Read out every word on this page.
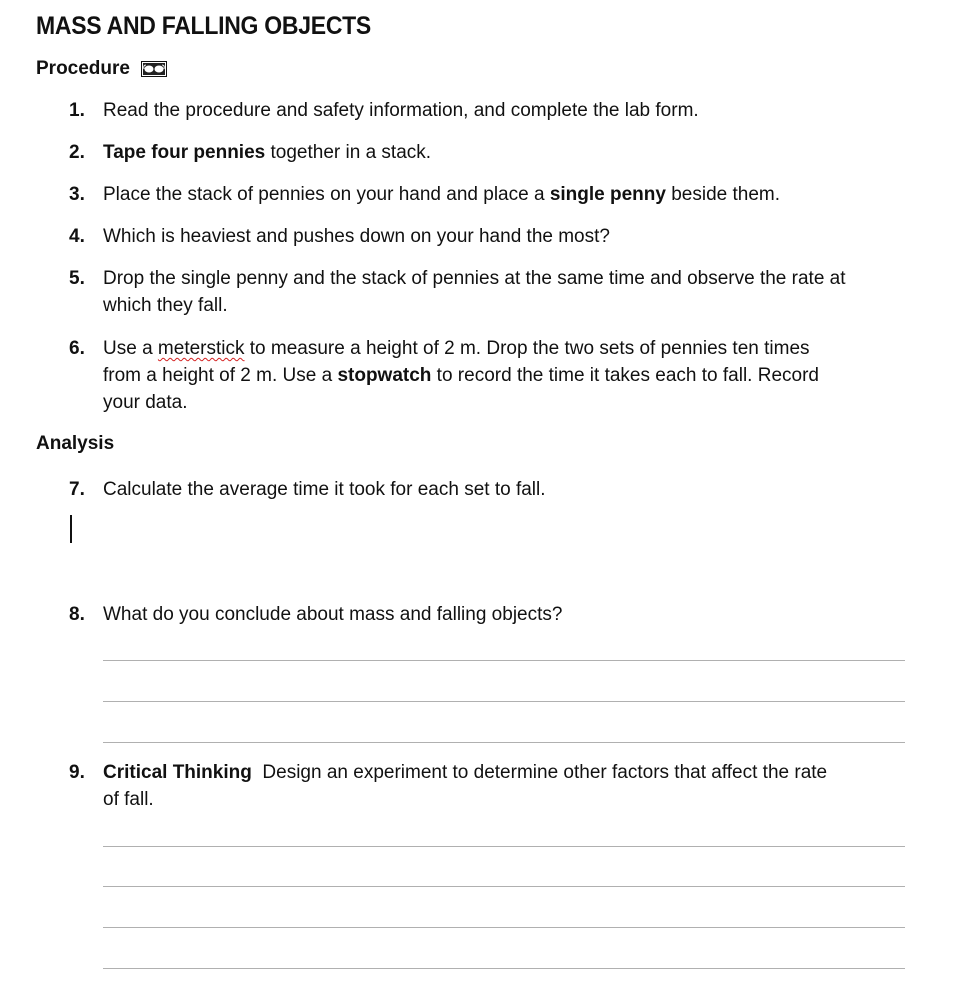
MASS AND FALLING OBJECTS
Procedure
1. Read the procedure and safety information, and complete the lab form.
2. Tape four pennies together in a stack.
3. Place the stack of pennies on your hand and place a single penny beside them.
4. Which is heaviest and pushes down on your hand the most?
5. Drop the single penny and the stack of pennies at the same time and observe the rate at
which they fall.
6. Use a meterstick to measure a height of 2 m. Drop the two sets of pennies ten times
from a height of 2 m. Use a stopwatch to record the time it takes each to fall. Record
your data.
Analysis
7. Calculate the average time it took for each set to fall.
8. What do you conclude about mass and falling objects?
9. Critical Thinking  Design an experiment to determine other factors that affect the rate
of fall.
